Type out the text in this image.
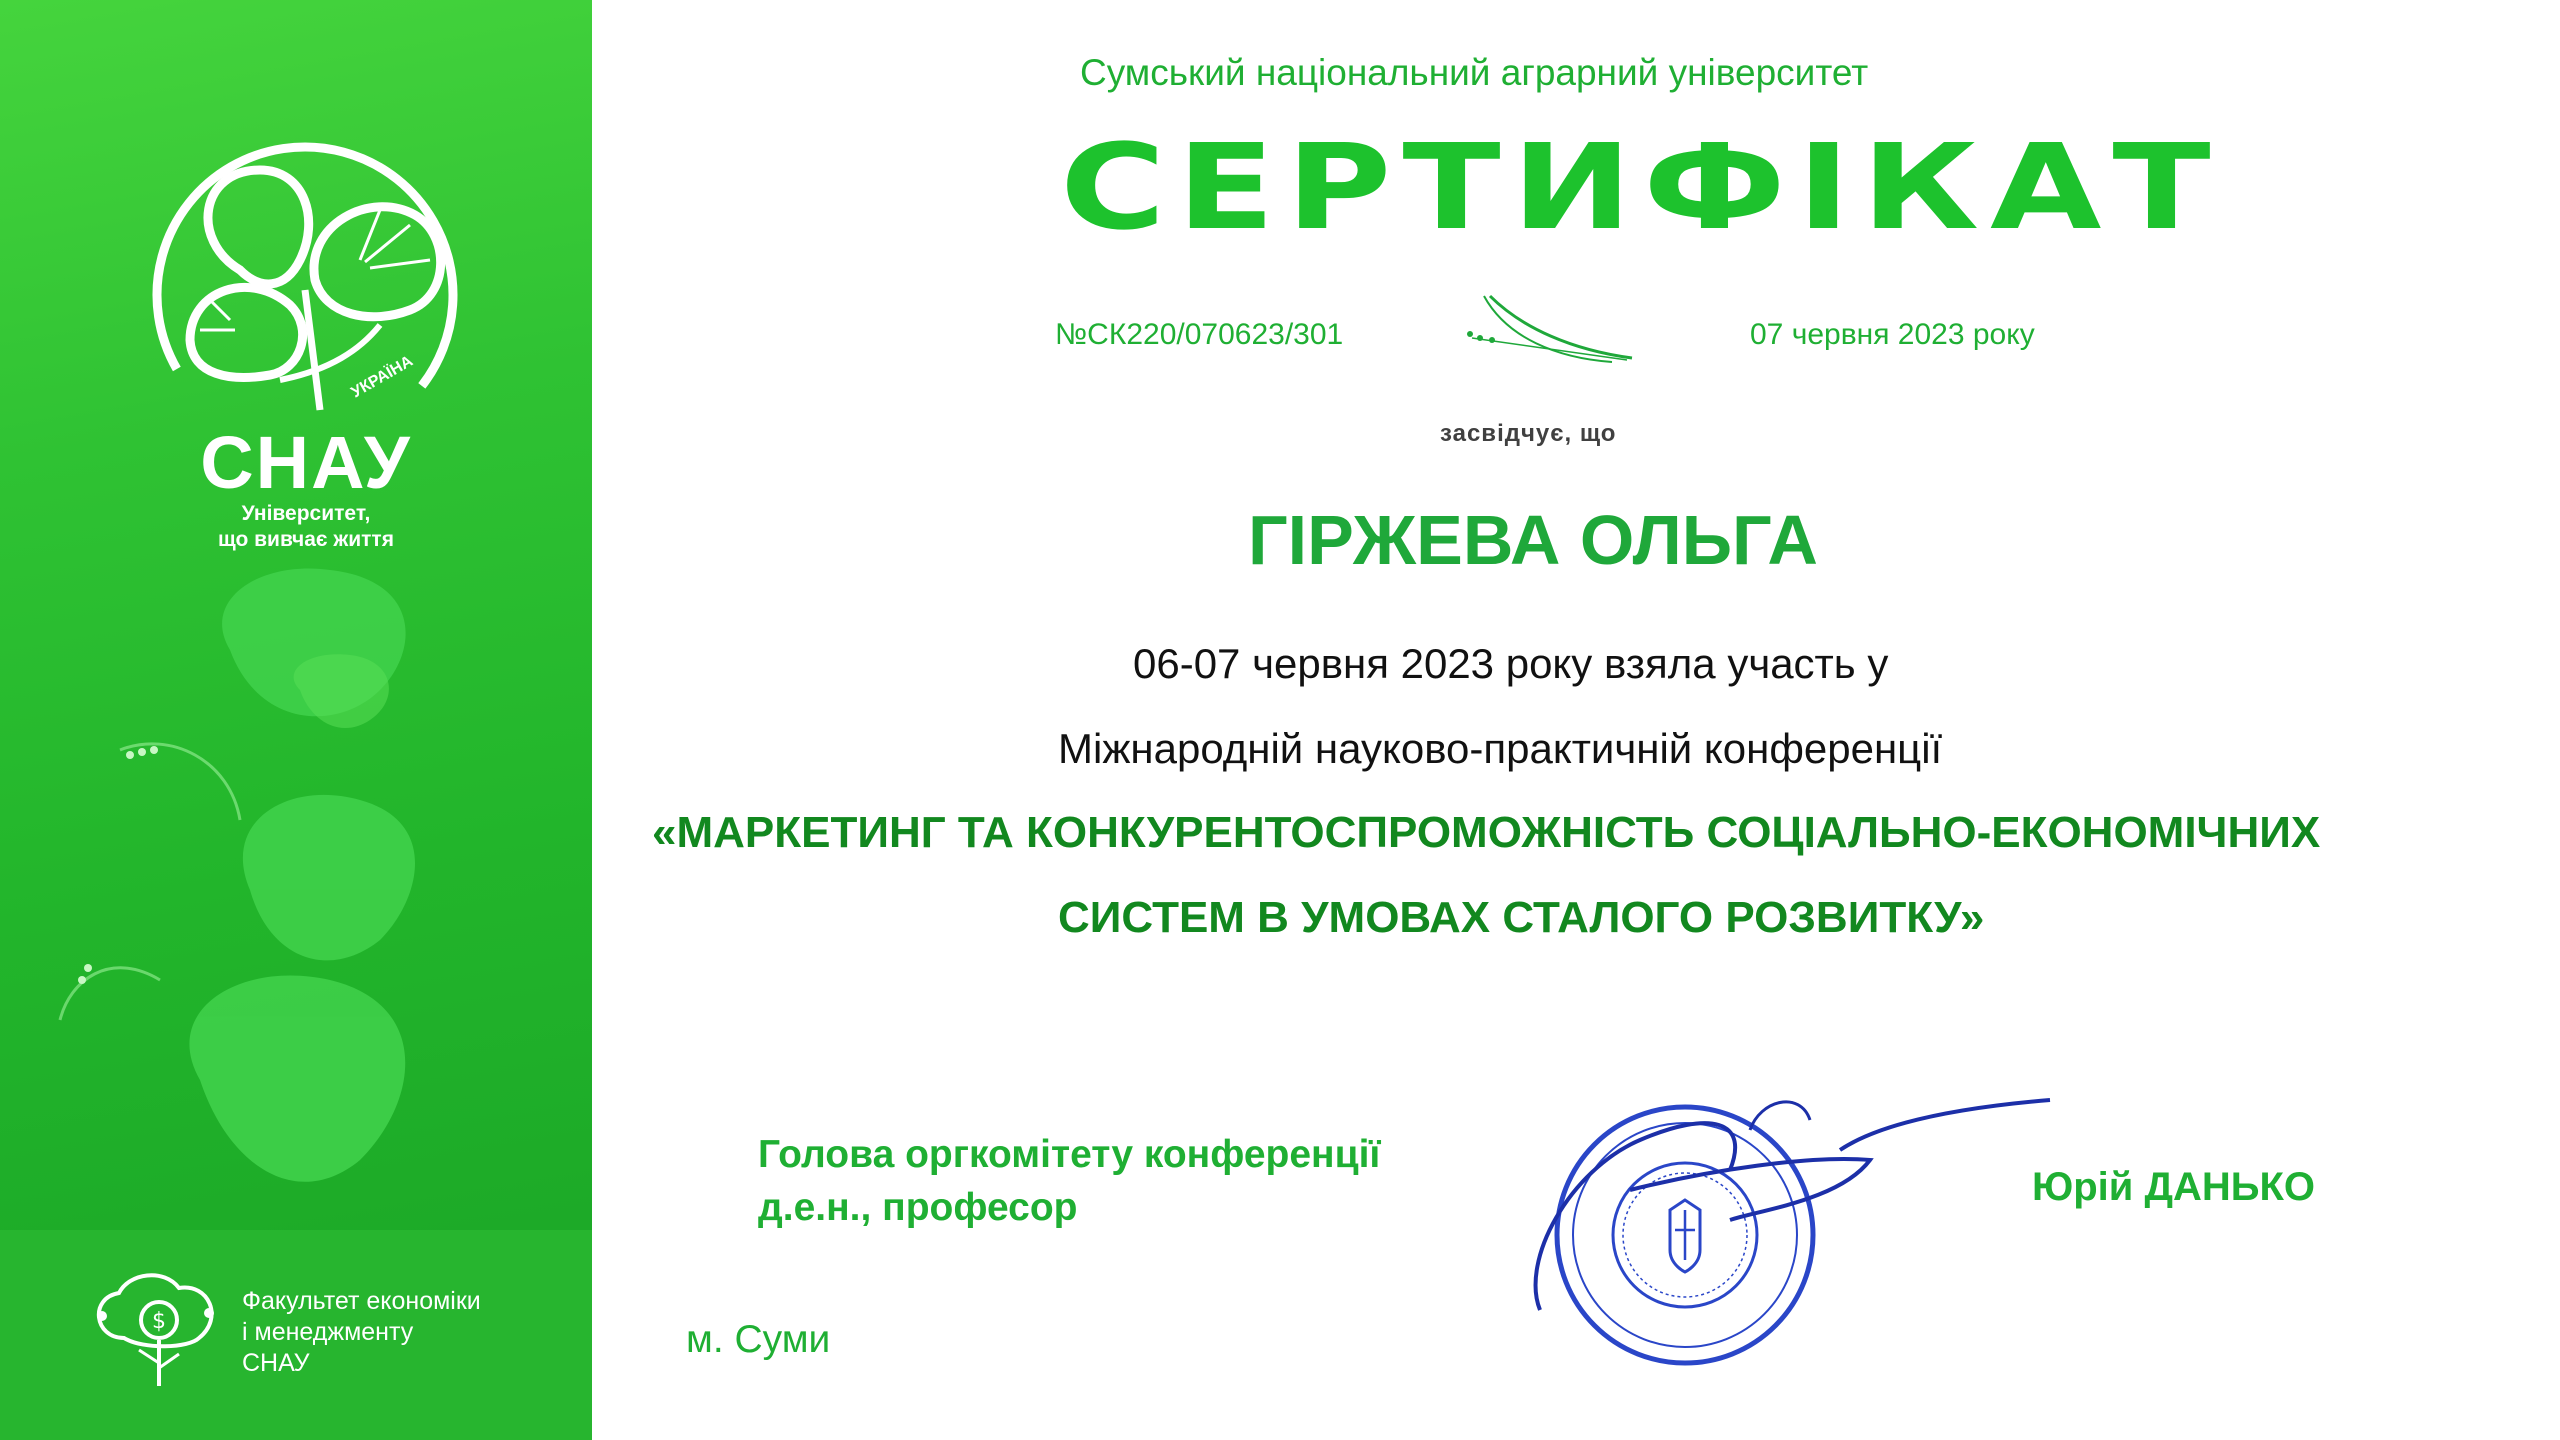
УКРАЇНА
СНАУ
Університет,
що вивчає життя
$
Факультет економіки
і менеджменту
СНАУ
Сумський національний аграрний університет
СЕРТИФІКАТ
№СК220/070623/301	07 червня 2023 року
засвідчує, що
ГІРЖЕВА ОЛЬГА
06-07 червня 2023 року взяла участь у
Міжнародній науково-практичній конференції
«МАРКЕТИНГ ТА КОНКУРЕНТОСПРОМОЖНІСТЬ СОЦІАЛЬНО-ЕКОНОМІЧНИХ
СИСТЕМ В УМОВАХ СТАЛОГО РОЗВИТКУ»
Голова оргкомітету конференції
д.е.н., професор
м. Суми
Юрій ДАНЬКО
